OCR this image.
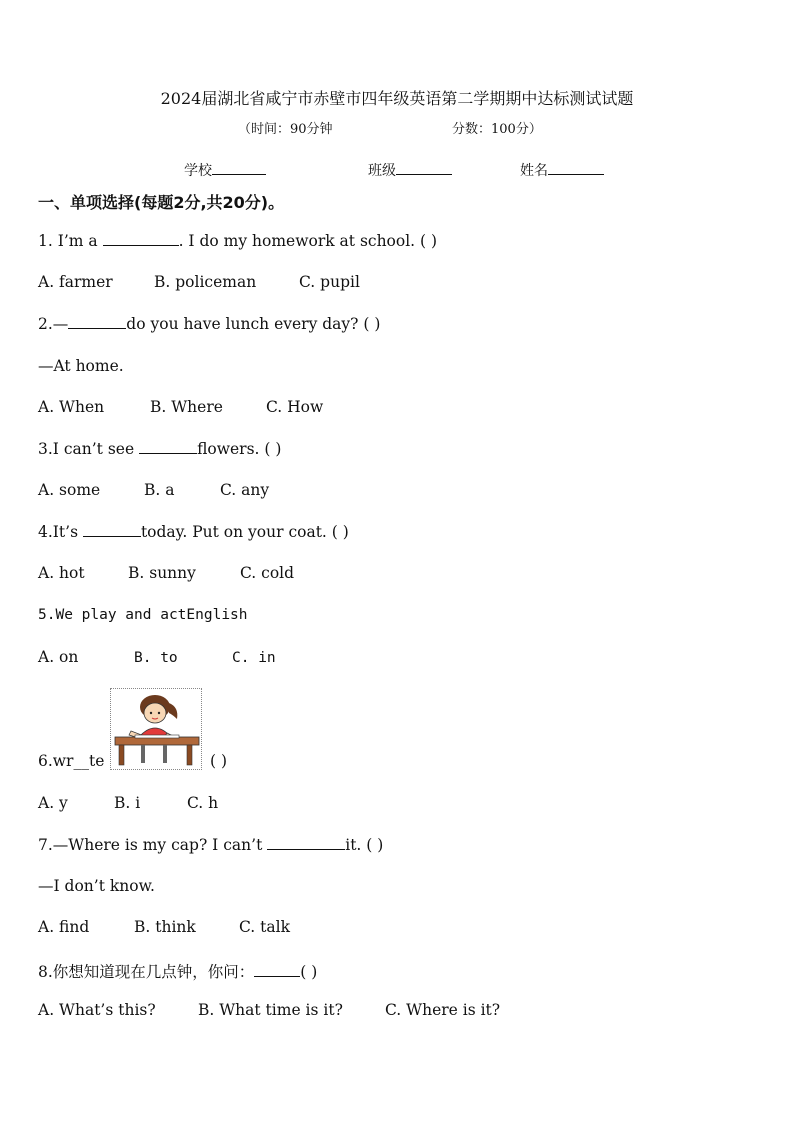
2024届湖北省咸宁市赤壁市四年级英语第二学期期中达标测试试题
（时间：90分钟	分数：100分）
学校	班级	姓名
一、单项选择(每题2分,共20分)。
1. I’m a	. I do my homework at school. ( )
A. farmer	B. policeman	C. pupil
2.—	do you have lunch every day? ( )
—At home.
A. When	B. Where	C. How
3.I can’t see	flowers. ( )
A. some	B. a	C. any
4.It’s	today. Put on your coat. ( )
A. hot	B. sunny	C. cold
5.We play and actEnglish
A. on	B. to	C. in
6.wr__te	( )
A. y	B. i	C. h
7.—Where is my cap? I can’t	it. ( )
—I don’t know.
A. find	B. think	C. talk
8.你想知道现在几点钟，你问：	( )
A. What’s this?	B. What time is it?	C. Where is it?
